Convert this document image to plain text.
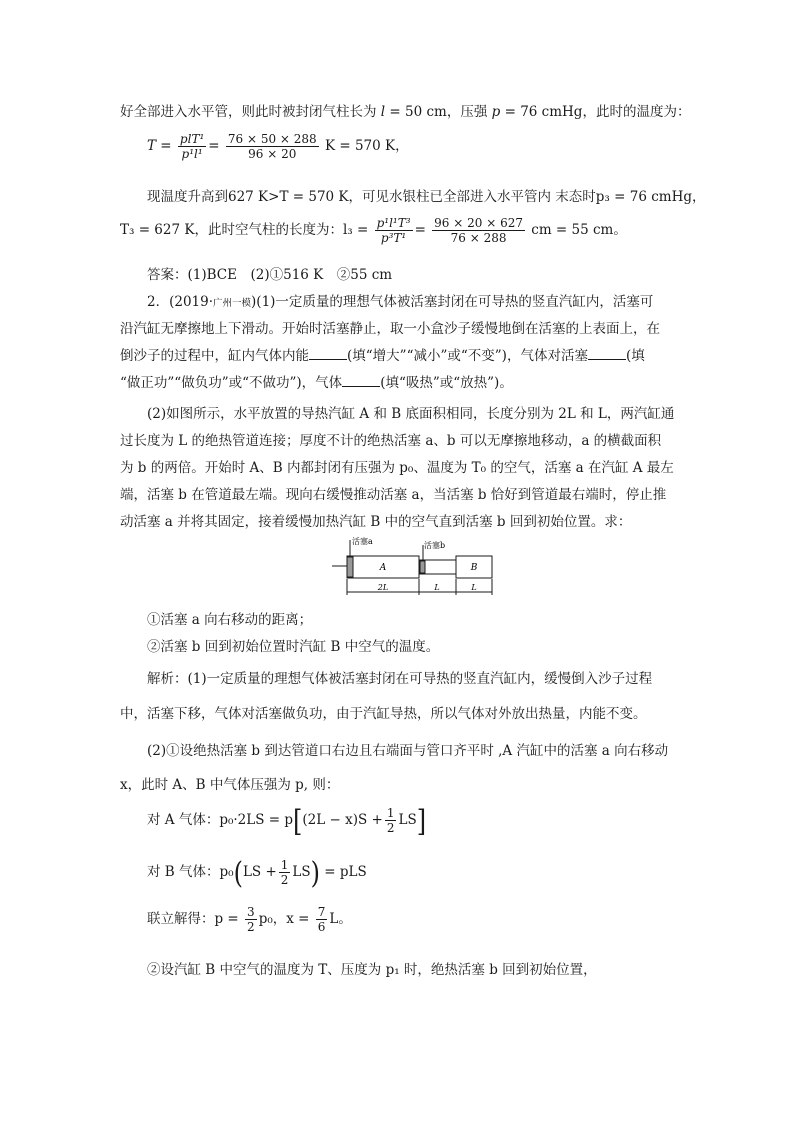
好全部进入水平管，则此时被封闭气柱长为 l = 50 cm，压强 p = 76 cmHg，此时的温度为：
$T = \frac{\text{plT¹}}{\text{p¹l¹}} = \frac{76 \times 50 \times 288}{96 \times 20}$ K = 570 K，
现温度升高到627 K>T = 570 K，可见水银柱已全部进入水平管内 末态时p₃ = 76 cmHg，
T₃ = 627 K，此时空气柱的长度为：$l_3 = \frac{\text{p¹l¹T³}}{\text{p³T¹}} = \frac{96 \times 20 \times 627}{76 \times 288}$ cm = 55 cm。
答案：(1)BCE　(2)①516 K　②55 cm
2．(2019·广州一模)(1)一定质量的理想气体被活塞封闭在可导热的竖直汽缸内，活塞可
沿汽缸无摩擦地上下滑动。开始时活塞静止，取一小盒沙子缓慢地倒在活塞的上表面上，在
倒沙子的过程中，缸内气体内能	(填“增大”“减小”或“不变”)，气体对活塞	(填
“做正功”“做负功”或“不做功”)，气体	(填“吸热”或“放热”)。
(2)如图所示，水平放置的导热汽缸 A 和 B 底面积相同，长度分别为 2L 和 L，两汽缸通
过长度为 L 的绝热管道连接；厚度不计的绝热活塞 a、b 可以无摩擦地移动，a 的横截面积
为 b 的两倍。开始时 A、B 内都封闭有压强为 p₀、温度为 T₀ 的空气，活塞 a 在汽缸 A 最左
端，活塞 b 在管道最左端。现向右缓慢推动活塞 a，当活塞 b 恰好到管道最右端时，停止推
动活塞 a 并将其固定，接着缓慢加热汽缸 B 中的空气直到活塞 b 回到初始位置。求：
活塞a	活塞b
A	B
2L	L	L
①活塞 a 向右移动的距离；
②活塞 b 回到初始位置时汽缸 B 中空气的温度。
解析：(1)一定质量的理想气体被活塞封闭在可导热的竖直汽缸内，缓慢倒入沙子过程
中，活塞下移，气体对活塞做负功，由于汽缸导热，所以气体对外放出热量，内能不变。
(2)①设绝热活塞 b 到达管道口右边且右端面与管口齐平时 ,A 汽缸中的活塞 a 向右移动
x，此时 A、B 中气体压强为 p, 则：
对 A 气体：$p_0\cdot 2LS = p[(2L - x)S + \frac{1}{2} LS]$
对 B 气体：$p_0(LS + \frac{1}{2} LS)$ = pLS
联立解得：$p = \frac{3}{2} p_0$，$x = \frac{7}{6}$ L。
②设汽缸 B 中空气的温度为 T、压度为 p₁ 时，绝热活塞 b 回到初始位置，
